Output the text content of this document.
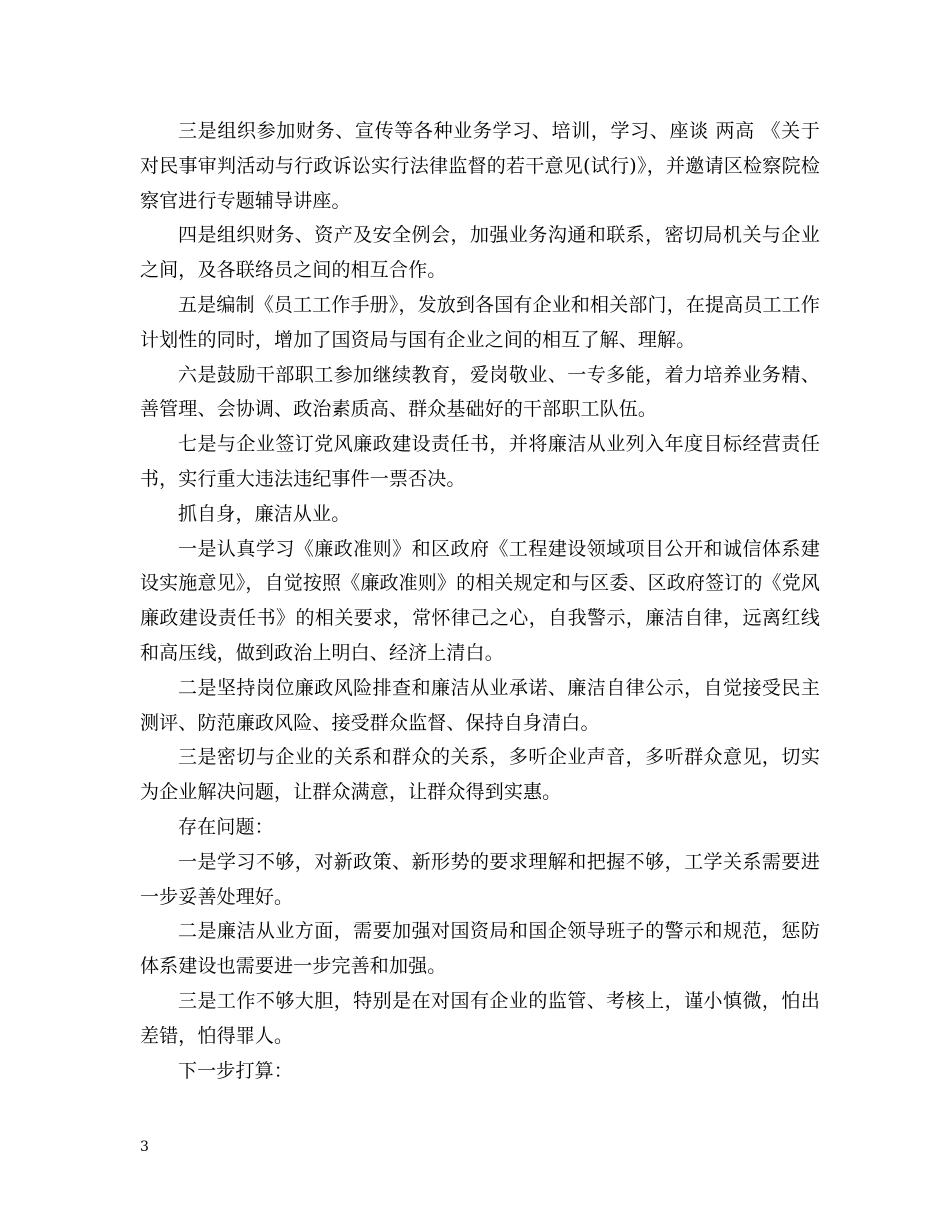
三是组织参加财务、宣传等各种业务学习、培训，学习、座谈 两高 《关于对民事审判活动与行政诉讼实行法律监督的若干意见(试行)》，并邀请区检察院检察官进行专题辅导讲座。

四是组织财务、资产及安全例会，加强业务沟通和联系，密切局机关与企业之间，及各联络员之间的相互合作。

五是编制《员工工作手册》，发放到各国有企业和相关部门，在提高员工工作计划性的同时，增加了国资局与国有企业之间的相互了解、理解。

六是鼓励干部职工参加继续教育，爱岗敬业、一专多能，着力培养业务精、善管理、会协调、政治素质高、群众基础好的干部职工队伍。

七是与企业签订党风廉政建设责任书，并将廉洁从业列入年度目标经营责任书，实行重大违法违纪事件一票否决。

抓自身，廉洁从业。

一是认真学习《廉政准则》和区政府《工程建设领域项目公开和诚信体系建设实施意见》，自觉按照《廉政准则》的相关规定和与区委、区政府签订的《党风廉政建设责任书》的相关要求，常怀律己之心，自我警示，廉洁自律，远离红线和高压线，做到政治上明白、经济上清白。

二是坚持岗位廉政风险排查和廉洁从业承诺、廉洁自律公示，自觉接受民主测评、防范廉政风险、接受群众监督、保持自身清白。

三是密切与企业的关系和群众的关系，多听企业声音，多听群众意见，切实为企业解决问题，让群众满意，让群众得到实惠。

存在问题：

一是学习不够，对新政策、新形势的要求理解和把握不够，工学关系需要进一步妥善处理好。

二是廉洁从业方面，需要加强对国资局和国企领导班子的警示和规范，惩防体系建设也需要进一步完善和加强。

三是工作不够大胆，特别是在对国有企业的监管、考核上，谨小慎微，怕出差错，怕得罪人。

下一步打算：

3
